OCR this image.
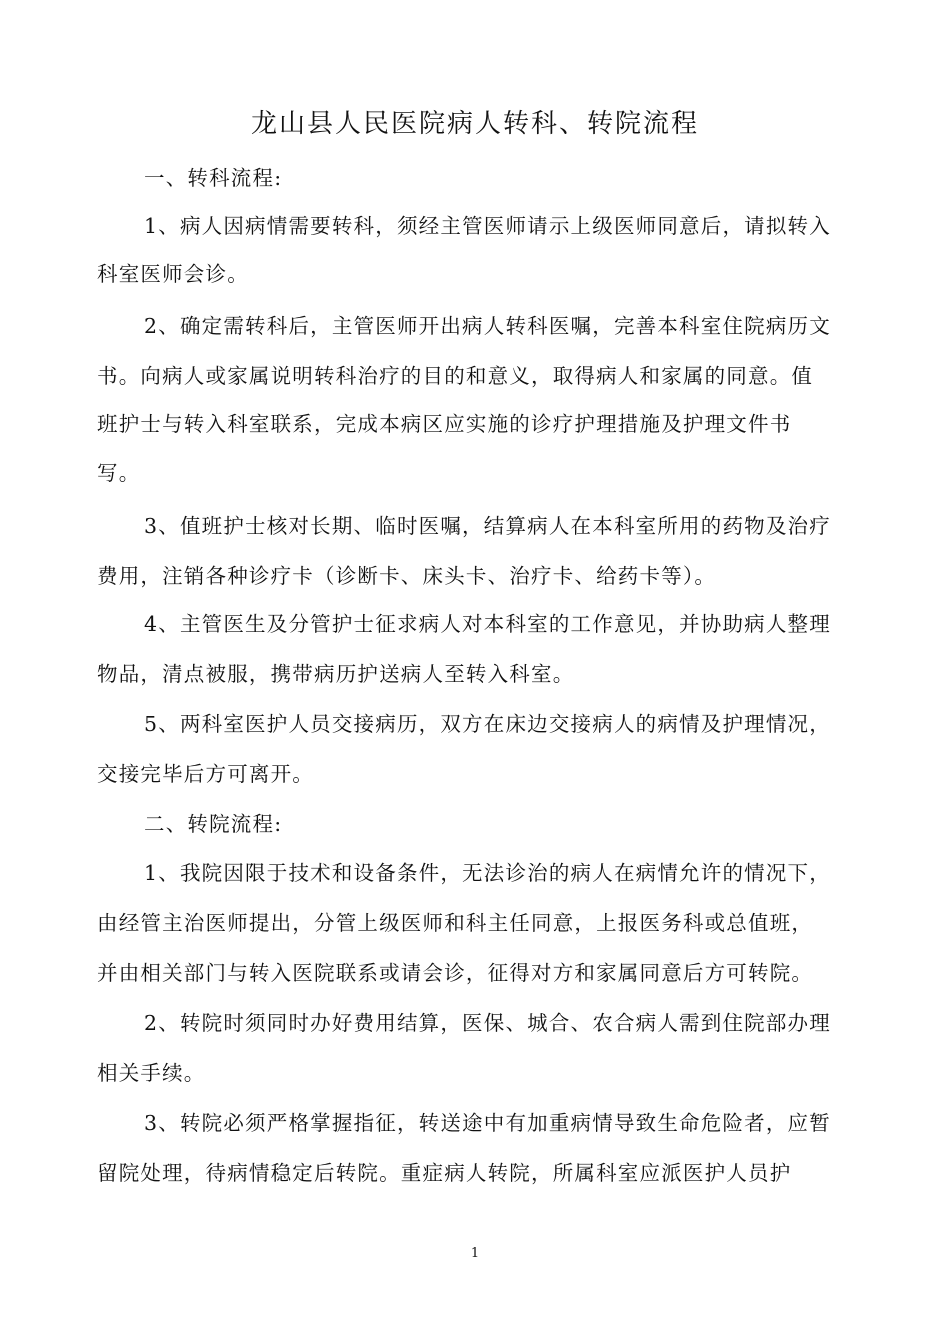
龙山县人民医院病人转科、转院流程
一、转科流程:
1、病人因病情需要转科，须经主管医师请示上级医师同意后，请拟转入
科室医师会诊。
2、确定需转科后，主管医师开出病人转科医嘱，完善本科室住院病历文
书。向病人或家属说明转科治疗的目的和意义，取得病人和家属的同意。值
班护士与转入科室联系，完成本病区应实施的诊疗护理措施及护理文件书
写。
3、值班护士核对长期、临时医嘱，结算病人在本科室所用的药物及治疗
费用，注销各种诊疗卡（诊断卡、床头卡、治疗卡、给药卡等）。
4、主管医生及分管护士征求病人对本科室的工作意见，并协助病人整理
物品，清点被服，携带病历护送病人至转入科室。
5、两科室医护人员交接病历，双方在床边交接病人的病情及护理情况，
交接完毕后方可离开。
二、转院流程:
1、我院因限于技术和设备条件，无法诊治的病人在病情允许的情况下，
由经管主治医师提出，分管上级医师和科主任同意，上报医务科或总值班，
并由相关部门与转入医院联系或请会诊，征得对方和家属同意后方可转院。
2、转院时须同时办好费用结算，医保、城合、农合病人需到住院部办理
相关手续。
3、转院必须严格掌握指征，转送途中有加重病情导致生命危险者，应暂
留院处理，待病情稳定后转院。重症病人转院，所属科室应派医护人员护
1
